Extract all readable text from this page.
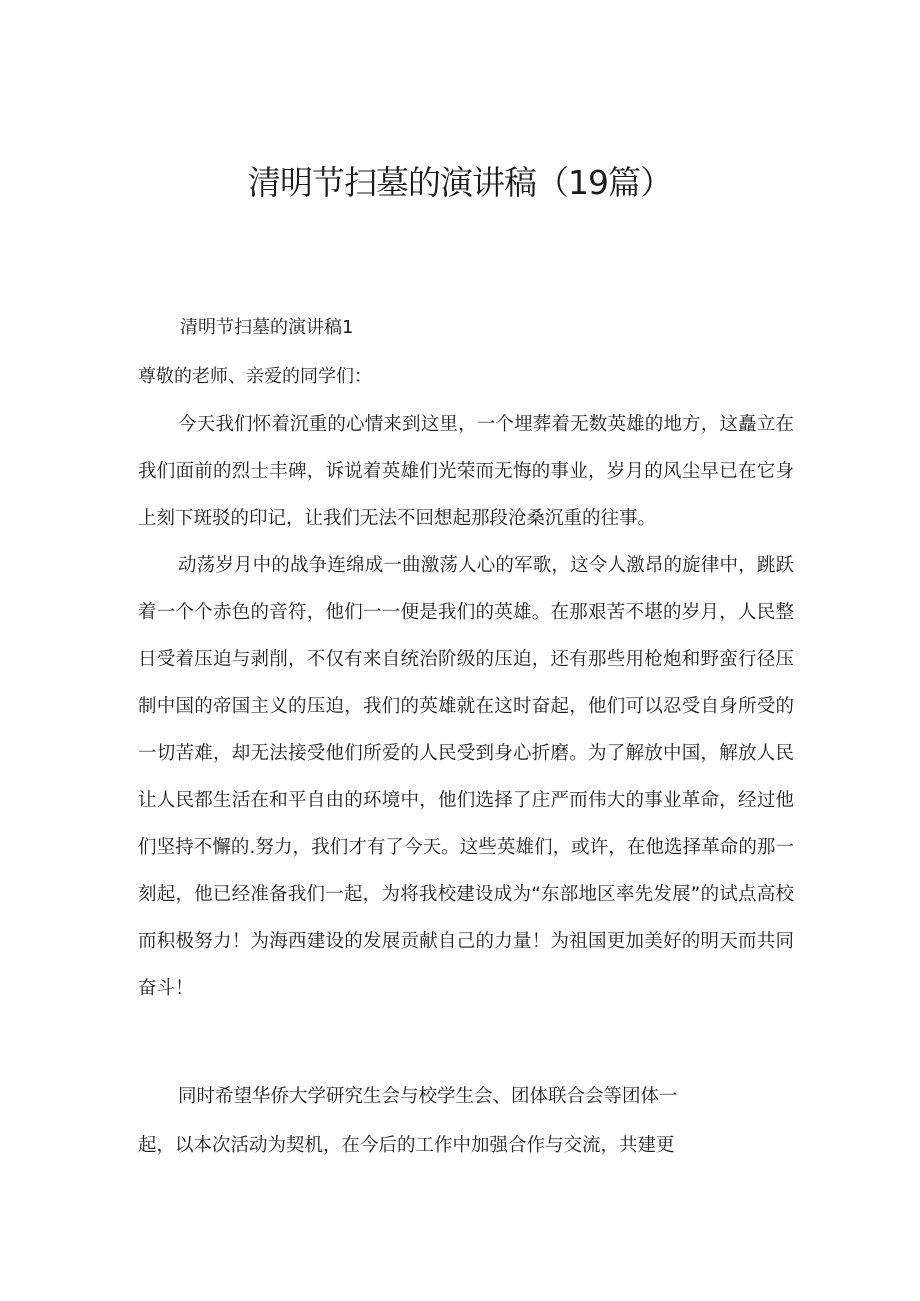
清明节扫墓的演讲稿（19篇）
清明节扫墓的演讲稿1
尊敬的老师、亲爱的同学们：

今天我们怀着沉重的心情来到这里，一个埋葬着无数英雄的地方，这矗立在我们面前的烈士丰碑，诉说着英雄们光荣而无悔的事业，岁月的风尘早已在它身上刻下斑驳的印记，让我们无法不回想起那段沧桑沉重的往事。

动荡岁月中的战争连绵成一曲激荡人心的军歌，这令人激昂的旋律中，跳跃着一个个赤色的音符，他们一一便是我们的英雄。在那艰苦不堪的岁月，人民整日受着压迫与剥削，不仅有来自统治阶级的压迫，还有那些用枪炮和野蛮行径压制中国的帝国主义的压迫，我们的英雄就在这时奋起，他们可以忍受自身所受的一切苦难，却无法接受他们所爱的人民受到身心折磨。为了解放中国，解放人民让人民都生活在和平自由的环境中，他们选择了庄严而伟大的事业革命，经过他们坚持不懈的.努力，我们才有了今天。这些英雄们，或许，在他选择革命的那一刻起，他已经准备我们一起，为将我校建设成为“东部地区率先发展”的试点高校而积极努力！为海西建设的发展贡献自己的力量！为祖国更加美好的明天而共同奋斗！

同时希望华侨大学研究生会与校学生会、团体联合会等团体一

起，以本次活动为契机，在今后的工作中加强合作与交流，共建更
